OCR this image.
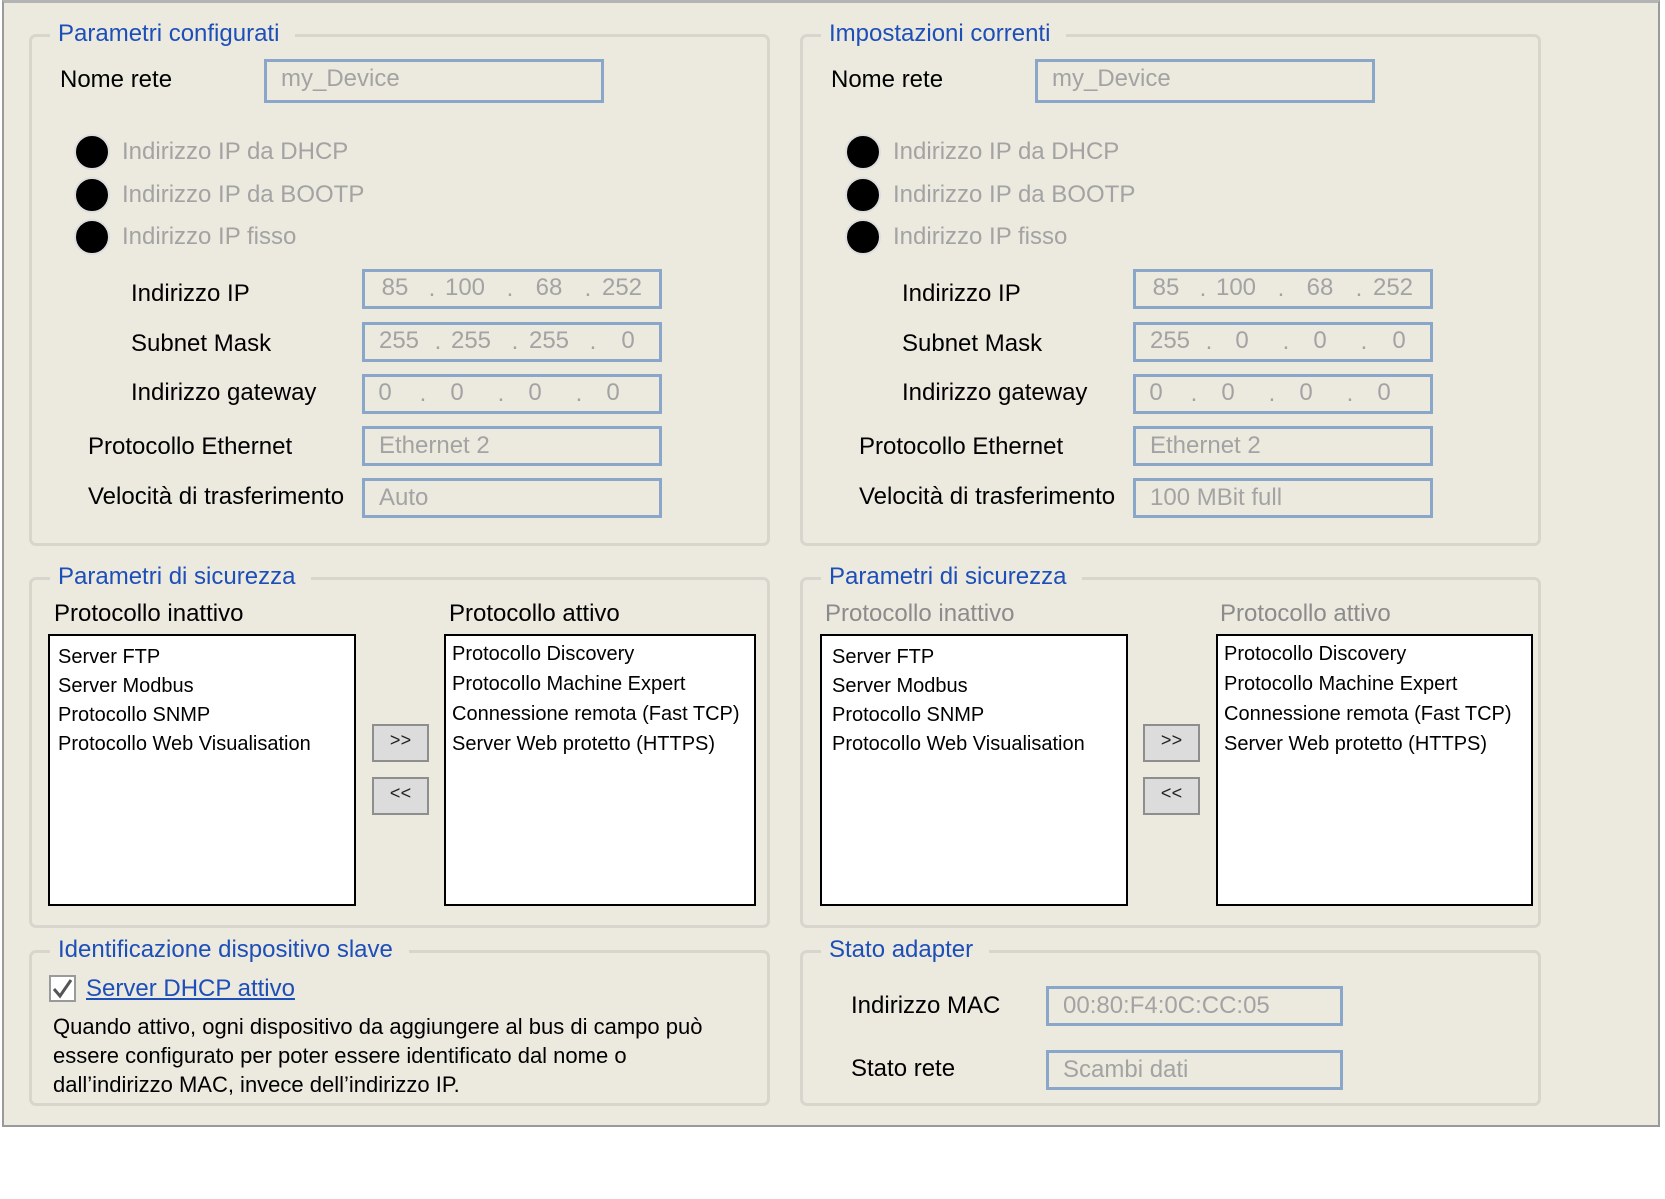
Parametri configurati
Nome rete	my_Device
Indirizzo IP da DHCP
Indirizzo IP da BOOTP
Indirizzo IP fisso
Indirizzo IP	85 . 100 . 68 . 252
Subnet Mask	255 . 255 . 255 .	0
Indirizzo gateway	0	. 0	. 0	. 0
Protocollo Ethernet	Ethernet 2
Velocità di trasferimento	Auto
Impostazioni correnti
Nome rete	my_Device
Indirizzo IP da DHCP
Indirizzo IP da BOOTP
Indirizzo IP fisso
Indirizzo IP	85 . 100 . 68 . 252
Subnet Mask	255 . 0	. 0	.	0
Indirizzo gateway	0	. 0	. 0	. 0
Protocollo Ethernet	Ethernet 2
Velocità di trasferimento	100 MBit full
Parametri di sicurezza
Protocollo inattivo	Protocollo attivo
Server FTP
Server Modbus
Protocollo SNMP
Protocollo Web Visualisation	>>
<<
Protocollo Discovery
Protocollo Machine Expert
Connessione remota (Fast TCP)
Server Web protetto (HTTPS)
Parametri di sicurezza
Protocollo inattivo	Protocollo attivo
Server FTP
Server Modbus
Protocollo SNMP
Protocollo Web Visualisation	>>
<<
Protocollo Discovery
Protocollo Machine Expert
Connessione remota (Fast TCP)
Server Web protetto (HTTPS)
Identificazione dispositivo slave
Server DHCP attivo
Quando attivo, ogni dispositivo da aggiungere al bus di campo può
essere configurato per poter essere identificato dal nome o
dall’indirizzo MAC, invece dell’indirizzo IP.
Stato adapter
Indirizzo MAC	00:80:F4:0C:CC:05
Stato rete	Scambi dati
